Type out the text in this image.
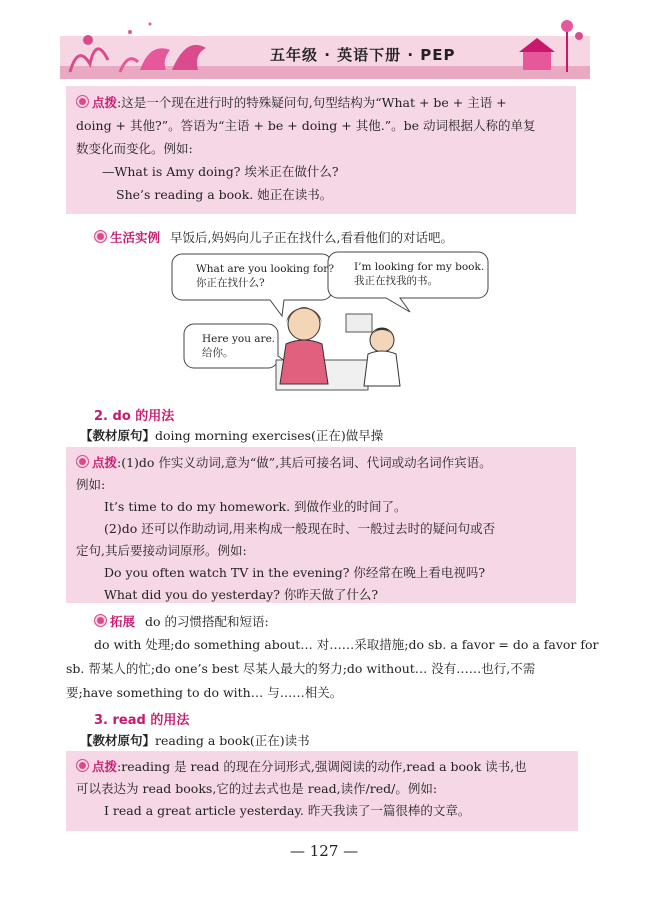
五年级 · 英语下册 · PEP
点拨:这是一个现在进行时的特殊疑问句,句型结构为“What + be + 主语 +
doing + 其他?”。答语为“主语 + be + doing + 其他.”。be 动词根据人称的单复
数变化而变化。例如:
—What is Amy doing? 埃米正在做什么?
She’s reading a book. 她正在读书。
生活实例 早饭后,妈妈向儿子正在找什么,看看他们的对话吧。
What are you looking for?
你正在找什么?
I’m looking for my book.
我正在找我的书。
Here you are.
给你。
2. do 的用法
【教材原句】doing morning exercises(正在)做早操
点拨:(1)do 作实义动词,意为“做”,其后可接名词、代词或动名词作宾语。
例如:
It’s time to do my homework. 到做作业的时间了。
(2)do 还可以作助动词,用来构成一般现在时、一般过去时的疑问句或否
定句,其后要接动词原形。例如:
Do you often watch TV in the evening? 你经常在晚上看电视吗?
What did you do yesterday? 你昨天做了什么?
拓展 do 的习惯搭配和短语:
do with 处理;do something about… 对……采取措施;do sb. a favor = do a favor for
sb. 帮某人的忙;do one’s best 尽某人最大的努力;do without… 没有……也行,不需
要;have something to do with… 与……相关。
3. read 的用法
【教材原句】reading a book(正在)读书
点拨:reading 是 read 的现在分词形式,强调阅读的动作,read a book 读书,也
可以表达为 read books,它的过去式也是 read,读作/red/。例如:
I read a great article yesterday. 昨天我读了一篇很棒的文章。
— 127 —
